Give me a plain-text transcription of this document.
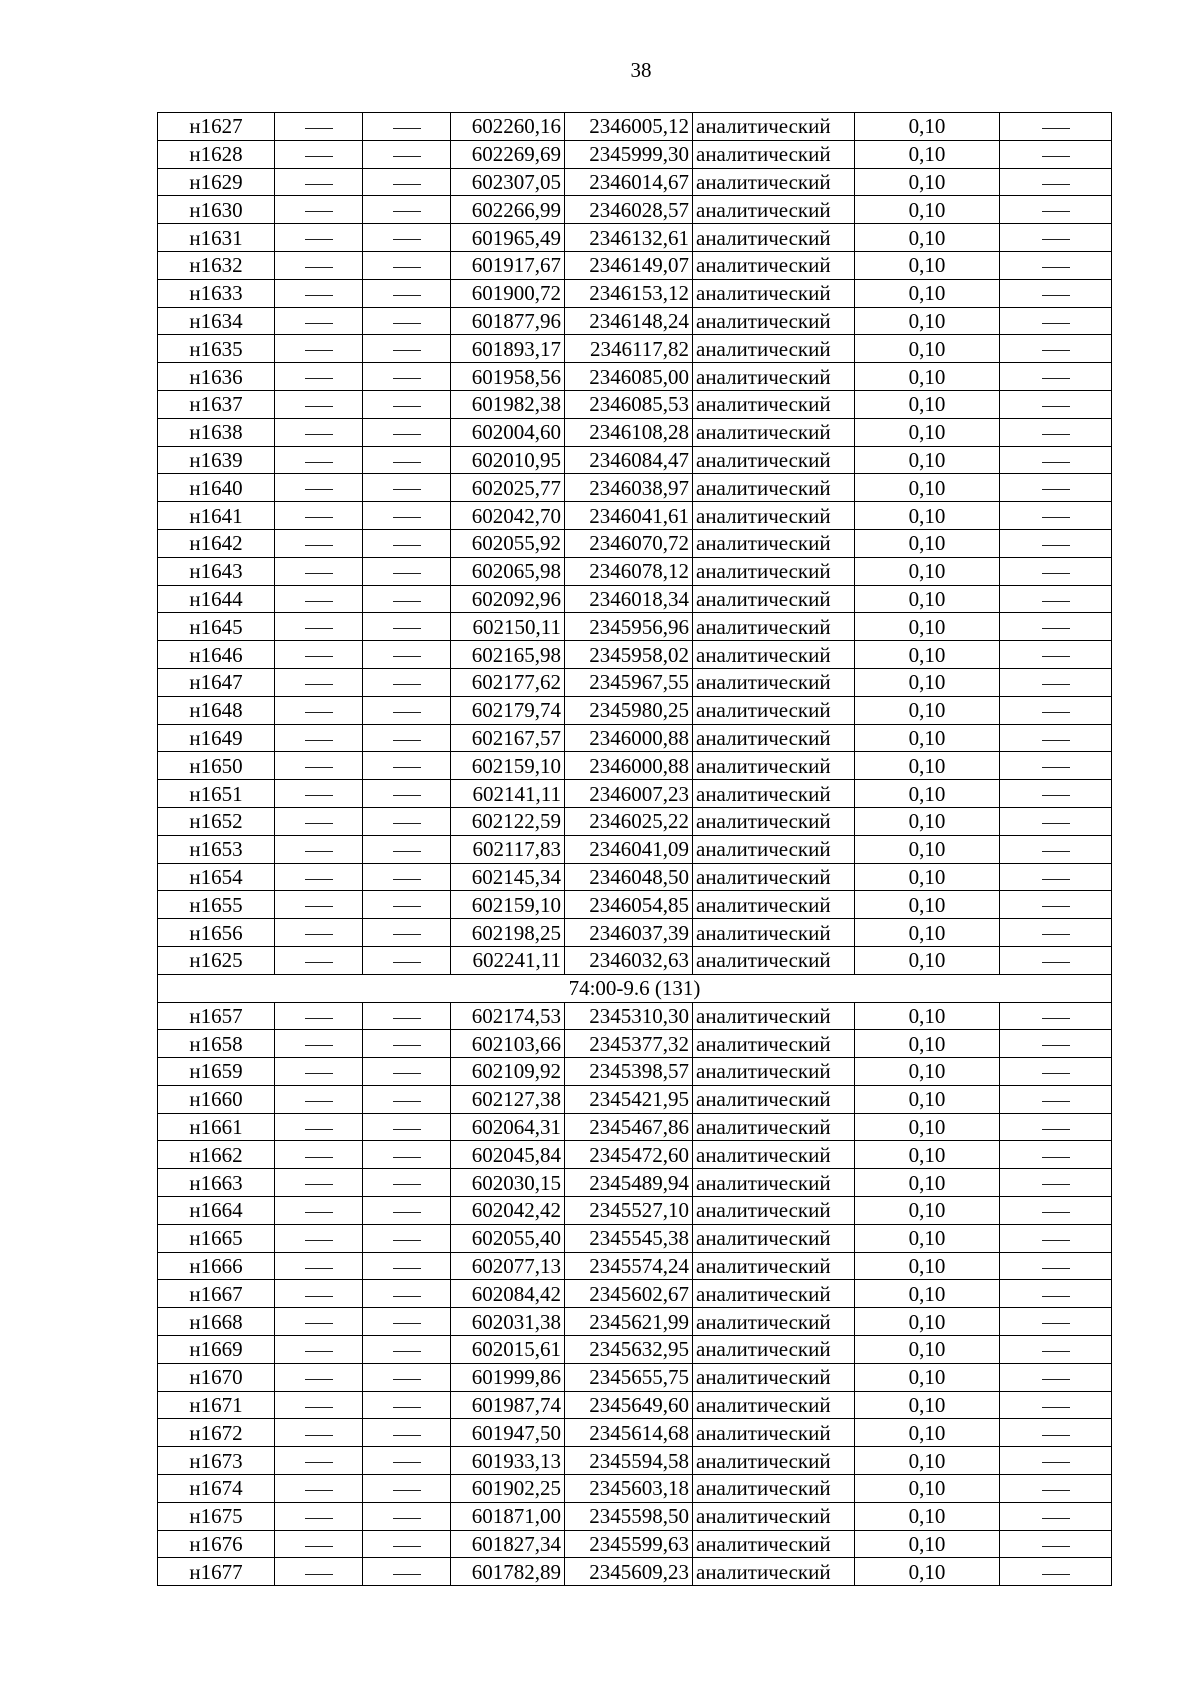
38
н1627			602260,16	2346005,12	аналитический	0,10	
н1628			602269,69	2345999,30	аналитический	0,10	
н1629			602307,05	2346014,67	аналитический	0,10	
н1630			602266,99	2346028,57	аналитический	0,10	
н1631			601965,49	2346132,61	аналитический	0,10	
н1632			601917,67	2346149,07	аналитический	0,10	
н1633			601900,72	2346153,12	аналитический	0,10	
н1634			601877,96	2346148,24	аналитический	0,10	
н1635			601893,17	2346117,82	аналитический	0,10	
н1636			601958,56	2346085,00	аналитический	0,10	
н1637			601982,38	2346085,53	аналитический	0,10	
н1638			602004,60	2346108,28	аналитический	0,10	
н1639			602010,95	2346084,47	аналитический	0,10	
н1640			602025,77	2346038,97	аналитический	0,10	
н1641			602042,70	2346041,61	аналитический	0,10	
н1642			602055,92	2346070,72	аналитический	0,10	
н1643			602065,98	2346078,12	аналитический	0,10	
н1644			602092,96	2346018,34	аналитический	0,10	
н1645			602150,11	2345956,96	аналитический	0,10	
н1646			602165,98	2345958,02	аналитический	0,10	
н1647			602177,62	2345967,55	аналитический	0,10	
н1648			602179,74	2345980,25	аналитический	0,10	
н1649			602167,57	2346000,88	аналитический	0,10	
н1650			602159,10	2346000,88	аналитический	0,10	
н1651			602141,11	2346007,23	аналитический	0,10	
н1652			602122,59	2346025,22	аналитический	0,10	
н1653			602117,83	2346041,09	аналитический	0,10	
н1654			602145,34	2346048,50	аналитический	0,10	
н1655			602159,10	2346054,85	аналитический	0,10	
н1656			602198,25	2346037,39	аналитический	0,10	
н1625			602241,11	2346032,63	аналитический	0,10	
74:00-9.6 (131)							
н1657			602174,53	2345310,30	аналитический	0,10	
н1658			602103,66	2345377,32	аналитический	0,10	
н1659			602109,92	2345398,57	аналитический	0,10	
н1660			602127,38	2345421,95	аналитический	0,10	
н1661			602064,31	2345467,86	аналитический	0,10	
н1662			602045,84	2345472,60	аналитический	0,10	
н1663			602030,15	2345489,94	аналитический	0,10	
н1664			602042,42	2345527,10	аналитический	0,10	
н1665			602055,40	2345545,38	аналитический	0,10	
н1666			602077,13	2345574,24	аналитический	0,10	
н1667			602084,42	2345602,67	аналитический	0,10	
н1668			602031,38	2345621,99	аналитический	0,10	
н1669			602015,61	2345632,95	аналитический	0,10	
н1670			601999,86	2345655,75	аналитический	0,10	
н1671			601987,74	2345649,60	аналитический	0,10	
н1672			601947,50	2345614,68	аналитический	0,10	
н1673			601933,13	2345594,58	аналитический	0,10	
н1674			601902,25	2345603,18	аналитический	0,10	
н1675			601871,00	2345598,50	аналитический	0,10	
н1676			601827,34	2345599,63	аналитический	0,10	
н1677			601782,89	2345609,23	аналитический	0,10	
